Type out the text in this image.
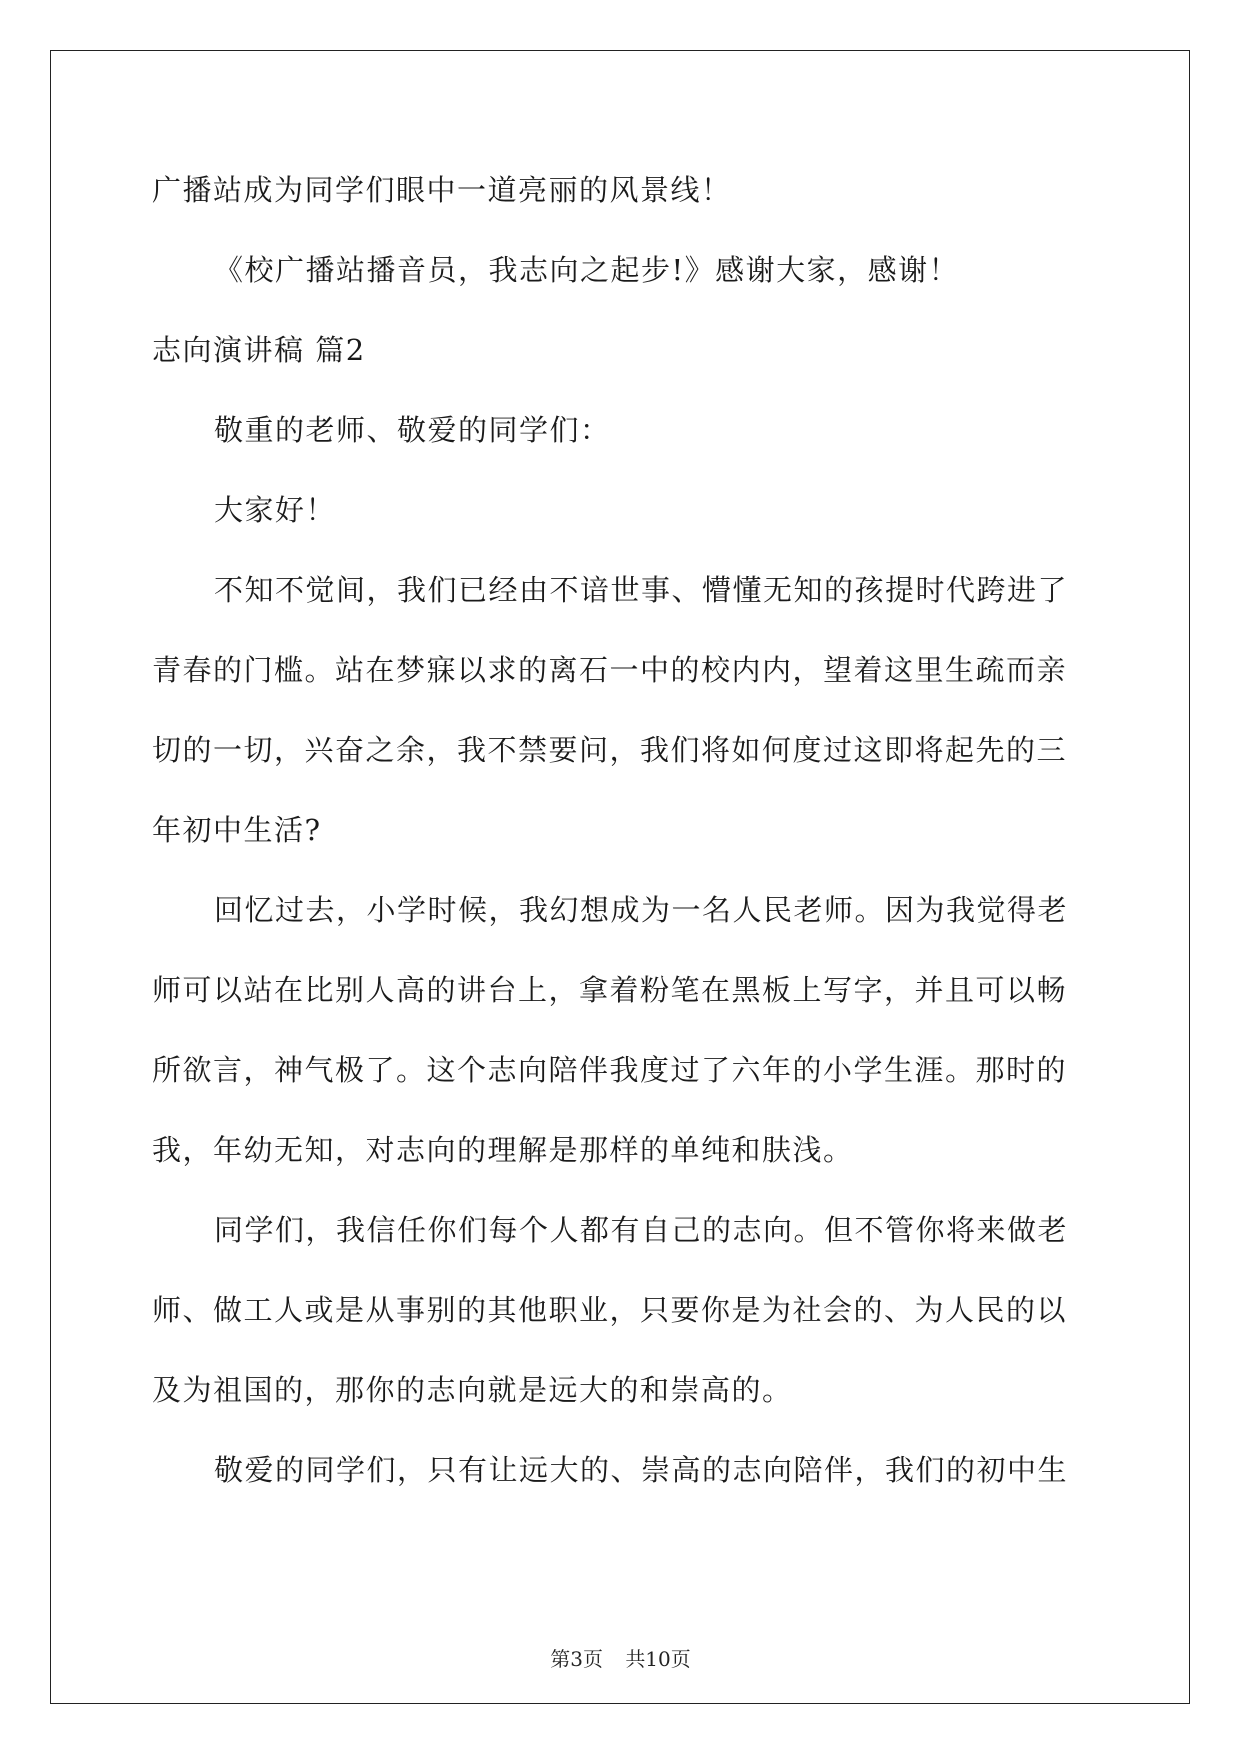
广播站成为同学们眼中一道亮丽的风景线！
《校广播站播音员，我志向之起步!》感谢大家，感谢！
志向演讲稿 篇2
敬重的老师、敬爱的同学们：
大家好！
不知不觉间，我们已经由不谙世事、懵懂无知的孩提时代跨进了
青春的门槛。站在梦寐以求的离石一中的校内内，望着这里生疏而亲
切的一切，兴奋之余，我不禁要问，我们将如何度过这即将起先的三
年初中生活?
回忆过去，小学时候，我幻想成为一名人民老师。因为我觉得老
师可以站在比别人高的讲台上，拿着粉笔在黑板上写字，并且可以畅
所欲言，神气极了。这个志向陪伴我度过了六年的小学生涯。那时的
我，年幼无知，对志向的理解是那样的单纯和肤浅。
同学们，我信任你们每个人都有自己的志向。但不管你将来做老
师、做工人或是从事别的其他职业，只要你是为社会的、为人民的以
及为祖国的，那你的志向就是远大的和崇高的。
敬爱的同学们，只有让远大的、崇高的志向陪伴，我们的初中生
第3页 共10页
